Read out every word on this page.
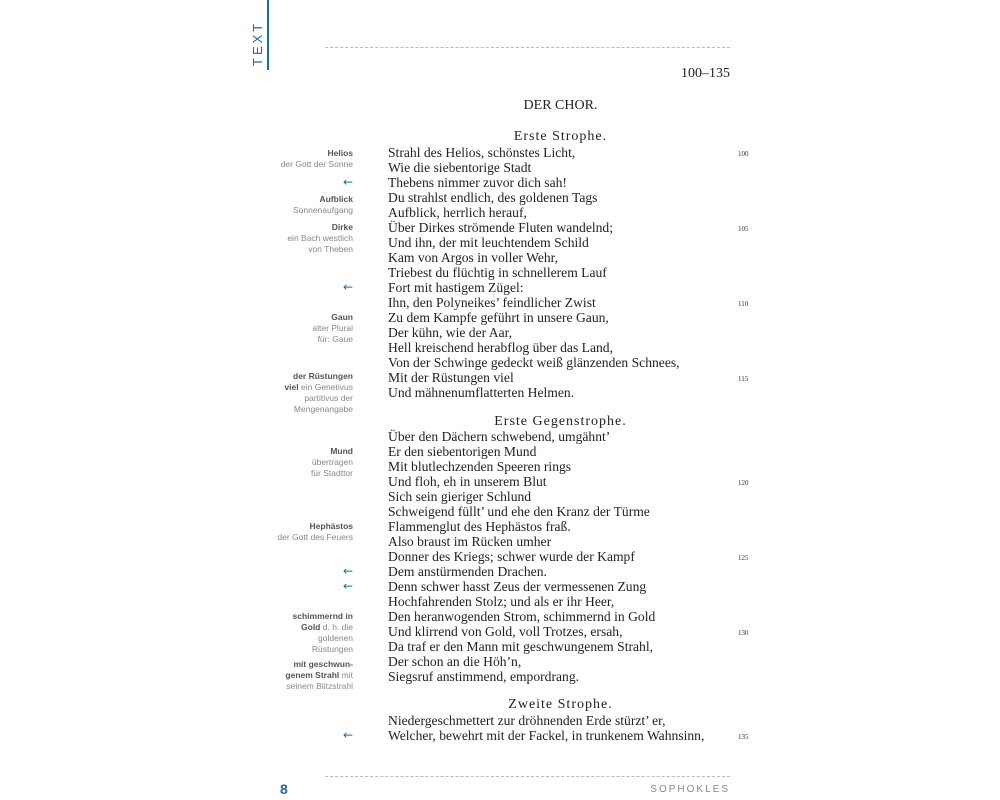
TEXT
100–135
DER CHOR.
Erste Strophe.
Erste Gegenstrophe.
Zweite Strophe.
Strahl des Helios, schönstes Licht,
Wie die siebentorige Stadt
Thebens nimmer zuvor dich sah!
Du strahlst endlich, des goldenen Tags
Aufblick, herrlich herauf,
Über Dirkes strömende Fluten wandelnd;
Und ihn, der mit leuchtendem Schild
Kam von Argos in voller Wehr,
Triebest du flüchtig in schnellerem Lauf
Fort mit hastigem Zügel:
Ihn, den Polyneikes’ feindlicher Zwist
Zu dem Kampfe geführt in unsere Gaun,
Der kühn, wie der Aar,
Hell kreischend herabflog über das Land,
Von der Schwinge gedeckt weiß glänzenden Schnees,
Mit der Rüstungen viel
Und mähnenumflatterten Helmen.
Über den Dächern schwebend, umgähnt’
Er den siebentorigen Mund
Mit blutlechzenden Speeren rings
Und floh, eh in unserem Blut
Sich sein gieriger Schlund
Schweigend füllt’ und ehe den Kranz der Türme
Flammenglut des Hephästos fraß.
Also braust im Rücken umher
Donner des Kriegs; schwer wurde der Kampf
Dem anstürmenden Drachen.
Denn schwer hasst Zeus der vermessenen Zung
Hochfahrenden Stolz; und als er ihr Heer,
Den heranwogenden Strom, schimmernd in Gold
Und klirrend von Gold, voll Trotzes, ersah,
Da traf er den Mann mit geschwungenem Strahl,
Der schon an die Höh’n,
Siegsruf anstimmend, empordrang.
Niedergeschmettert zur dröhnenden Erde stürzt’ er,
Welcher, bewehrt mit der Fackel, in trunkenem Wahnsinn,
100
105
110
115
120
125
130
135
Helios
der Gott der Sonne
Aufblick
Sonnenaufgang
Dirke
ein Bach westlich
von Theben
Gaun
alter Plural
für: Gaue
der Rüstungen
viel ein Genetivus
partitivus der
Mengenangabe
Mund
übertragen
für Stadttor
Hephästos
der Gott des Feuers
schimmernd in
Gold d. h. die
goldenen
Rüstungen
mit geschwun-
genem Strahl mit
seinem Blitzstrahl
←
←
←
←
←
8	SOPHOKLES
